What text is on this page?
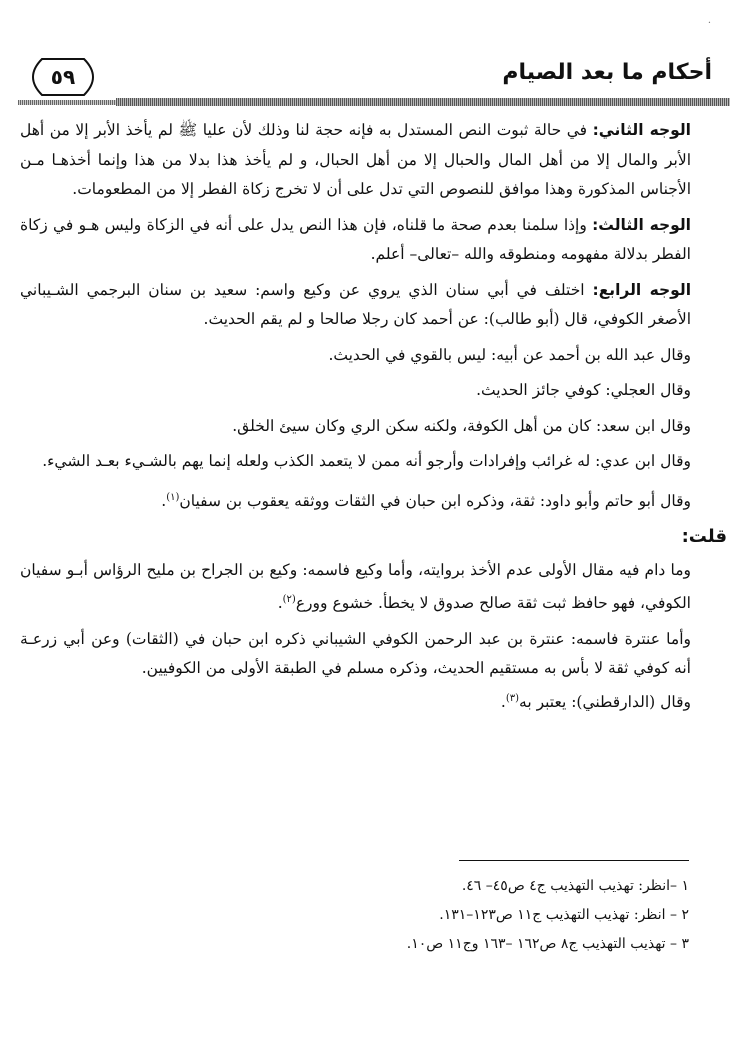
·
٥٩	أحكام ما بعد الصيام

الوجه الثاني: في حالة ثبوت النص المستدل به فإنه حجة لنا وذلك لأن عليا ﷺ لم يأخذ الأبر إلا من أهل الأبر والمال إلا من أهل المال والحبال إلا من أهل الحبال، و لم يأخذ هذا بدلا من هذا وإنما أخذهـا مـن الأجناس المذكورة وهذا موافق للنصوص التي تدل على أن لا تخرج زكاة الفطر إلا من المطعومات.

الوجه الثالث: وإذا سلمنا بعدم صحة ما قلناه، فإن هذا النص يدل على أنه في الزكاة وليس هـو في زكاة الفطر بدلالة مفهومه ومنطوقه والله –تعالى– أعلم.

الوجه الرابع: اختلف في أبي سنان الذي يروي عن وكيع واسم: سعيد بن سنان البرجمي الشـيباني الأصغر الكوفي، قال (أبو طالب): عن أحمد كان رجلا صالحا و لم يقم الحديث.

وقال عبد الله بن أحمد عن أبيه: ليس بالقوي في الحديث.

وقال العجلي: كوفي جائز الحديث.

وقال ابن سعد: كان من أهل الكوفة، ولكنه سكن الري وكان سيئ الخلق.

وقال ابن عدي: له غرائب وإفرادات وأرجو أنه ممن لا يتعمد الكذب ولعله إنما يهم بالشـيء بعـد الشيء.

وقال أبو حاتم وأبو داود: ثقة، وذكره ابن حبان في الثقات ووثقه يعقوب بن سفيان$^{(١)}$.

قلت:

وما دام فيه مقال الأولى عدم الأخذ بروايته، وأما وكيع فاسمه: وكيع بن الجراح بن مليح الرؤاس أبـو سفيان الكوفي، فهو حافظ ثبت ثقة صالح صدوق لا يخطأ. خشوع وورع$^{(٢)}$.

وأما عنترة فاسمه: عنترة بن عبد الرحمن الكوفي الشيباني ذكره ابن حبان في (الثقات) وعن أبي زرعـة أنه كوفي ثقة لا بأس به مستقيم الحديث، وذكره مسلم في الطبقة الأولى من الكوفيين.

وقال (الدارقطني): يعتبر به$^{(٣)}$.

١ –انظر: تهذيب التهذيب ج٤ ص٤٥– ٤٦.

٢ – انظر: تهذيب التهذيب ج١١ ص١٢٣–١٣١.

٣ – تهذيب التهذيب ج٨ ص١٦٢ –١٦٣ وج١١ ص١٠.
